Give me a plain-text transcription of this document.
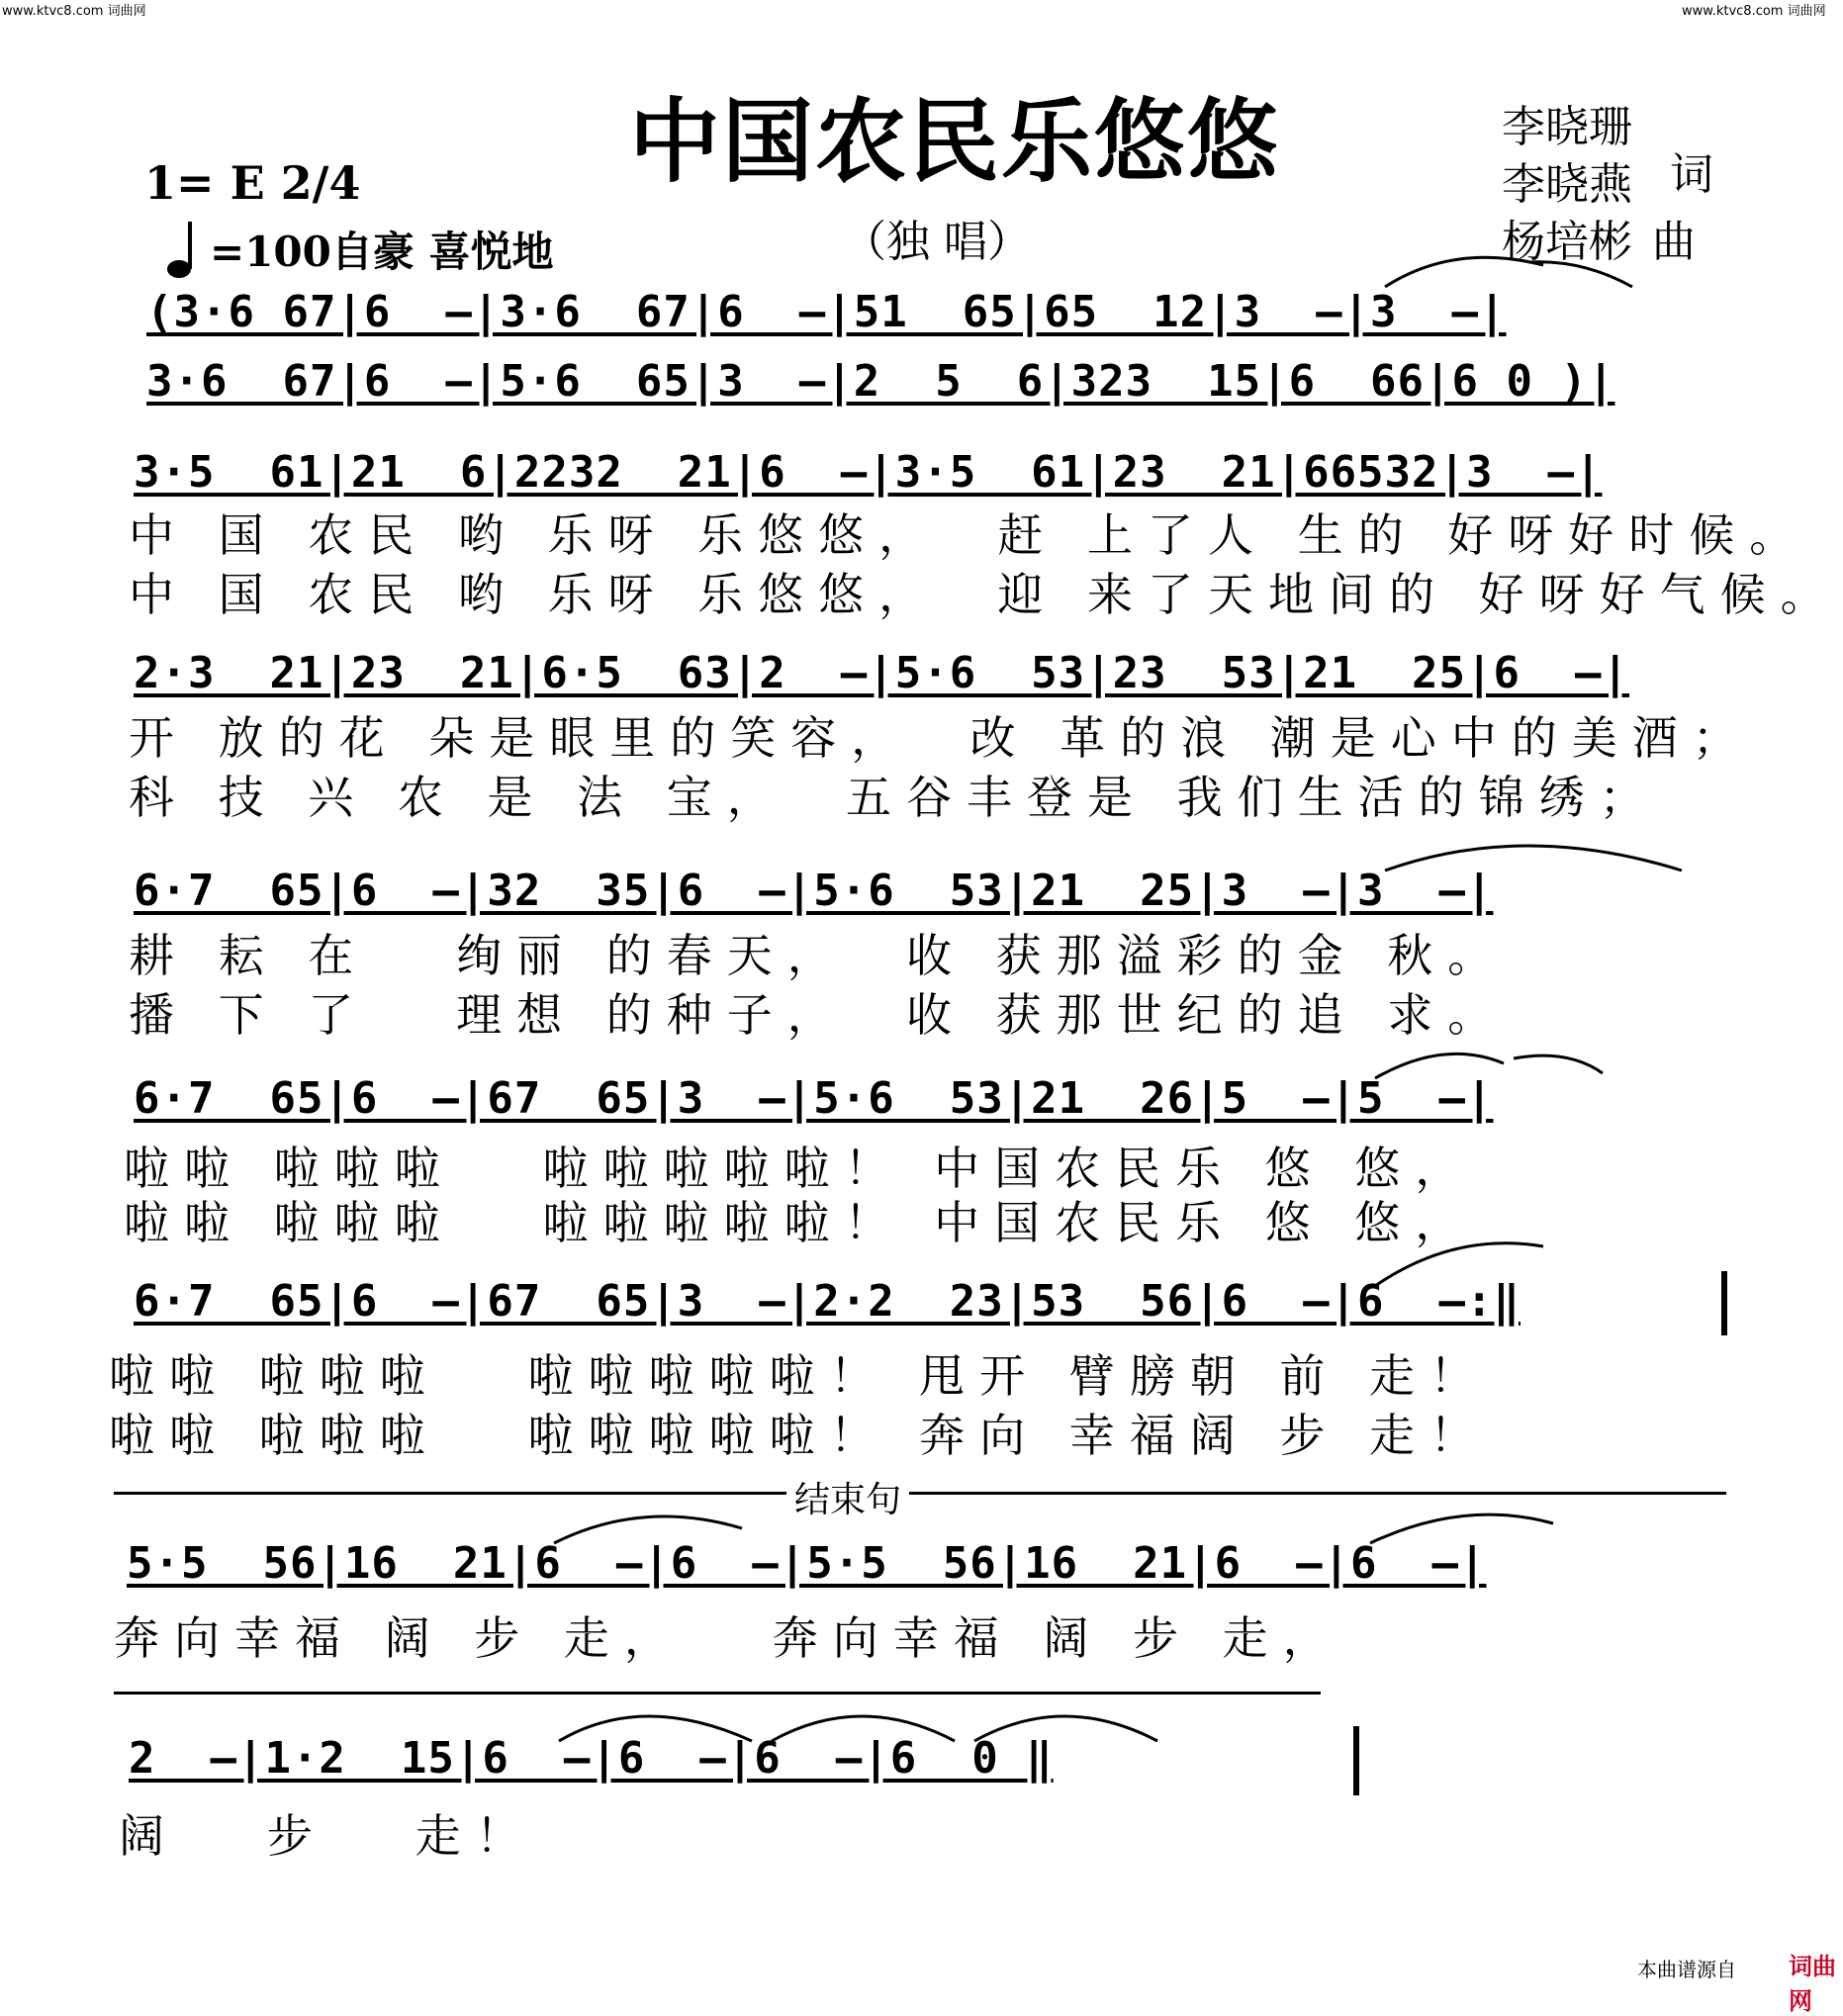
www.ktvc8.com 词曲网	www.ktvc8.com 词曲网
中国农民乐悠悠	李晓珊
李晓燕 词
杨培彬 曲
1= E 2/4
=100自豪 喜悦地	（独 唱）
(3·6 67|6  —|3·6  67|6  —|51  65|65  12|3  —|3  —|
3·6  67|6  —|5·6  65|3  —|2  5  6|323  15|6  66|6 0 )|
3·5  61|21  6|2232  21|6  —|3·5  61|23  21|66532|3  —|
中 国 农民 哟 乐呀 乐悠悠，  赶 上了人 生的 好呀好时候。
中 国 农民 哟 乐呀 乐悠悠，  迎 来了天地间的 好呀好气候。
2·3  21|23  21|6·5  63|2  —|5·6  53|23  53|21  25|6  —|
开 放的花 朵是眼里的笑容，  改 革的浪 潮是心中的美酒；
科 技 兴 农 是 法 宝，  五谷丰登是 我们生活的锦绣；
6·7  65|6  —|32  35|6  —|5·6  53|21  25|3  —|3  —|
耕 耘 在   绚丽 的春天，  收 获那溢彩的金 秋。
播 下 了   理想 的种子，  收 获那世纪的追 求。
6·7  65|6  —|67  65|3  —|5·6  53|21  26|5  —|5  —|
啦啦 啦啦啦   啦啦啦啦啦！ 中国农民乐 悠 悠，
啦啦 啦啦啦   啦啦啦啦啦！ 中国农民乐 悠 悠，
6·7  65|6  —|67  65|3  —|2·2  23|53  56|6  —|6  —:‖
啦啦 啦啦啦   啦啦啦啦啦！ 甩开 臂膀朝 前 走！
啦啦 啦啦啦   啦啦啦啦啦！ 奔向 幸福阔 步 走！
结束句
5·5  56|16  21|6  —|6  —|5·5  56|16  21|6  —|6  —|
奔向幸福 阔 步 走，   奔向幸福 阔 步 走，
2  —|1·2  15|6  —|6  —|6  —|6  0 ‖
阔   步   走！
本曲谱源自 词曲网
